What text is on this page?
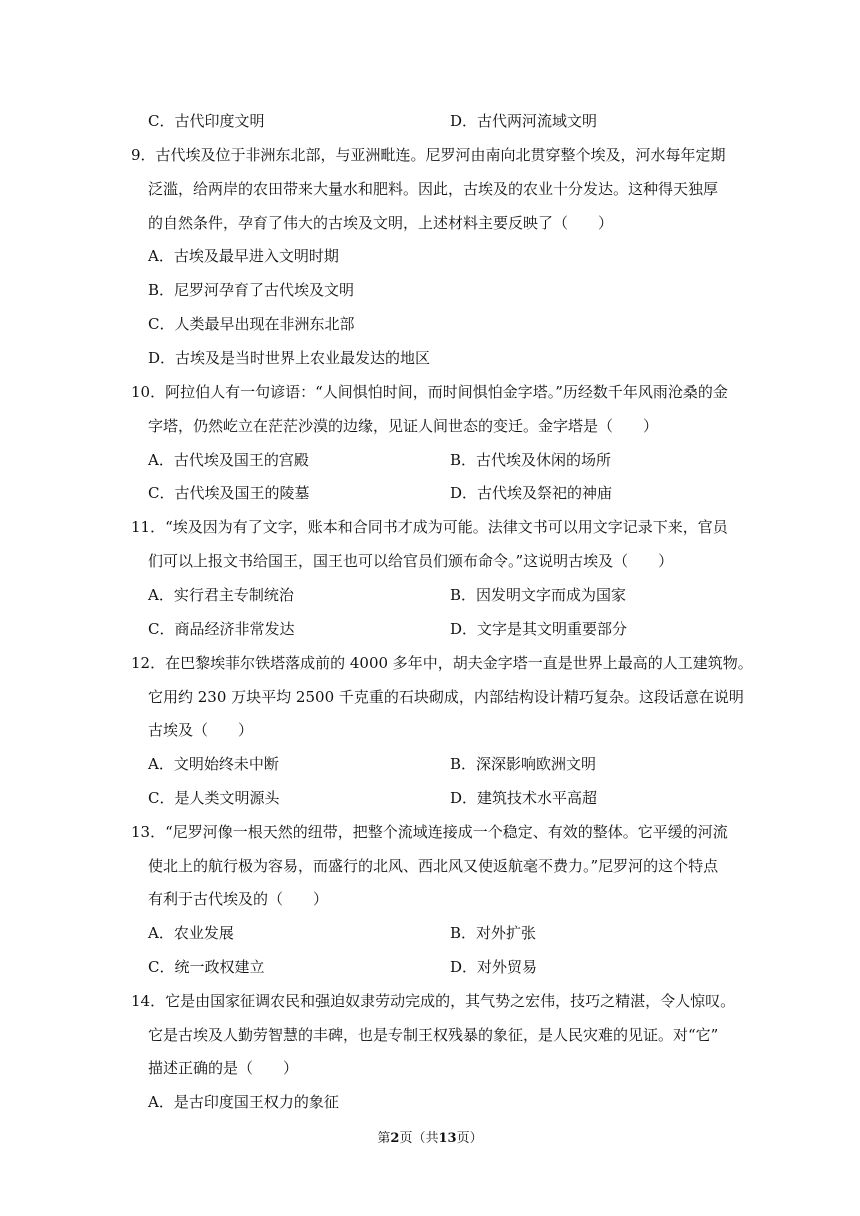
C．古代印度文明	D．古代两河流域文明
9．古代埃及位于非洲东北部，与亚洲毗连。尼罗河由南向北贯穿整个埃及，河水每年定期
泛滥，给两岸的农田带来大量水和肥料。因此，古埃及的农业十分发达。这种得天独厚
的自然条件，孕育了伟大的古埃及文明，上述材料主要反映了（　　）
A．古埃及最早进入文明时期
B．尼罗河孕育了古代埃及文明
C．人类最早出现在非洲东北部
D．古埃及是当时世界上农业最发达的地区
10．阿拉伯人有一句谚语：“人间惧怕时间，而时间惧怕金字塔。”历经数千年风雨沧桑的金
字塔，仍然屹立在茫茫沙漠的边缘，见证人间世态的变迁。金字塔是（　　）
A．古代埃及国王的宫殿	B．古代埃及休闲的场所
C．古代埃及国王的陵墓	D．古代埃及祭祀的神庙
11．“埃及因为有了文字，账本和合同书才成为可能。法律文书可以用文字记录下来，官员
们可以上报文书给国王，国王也可以给官员们颁布命令。”这说明古埃及（　　）
A．实行君主专制统治	B．因发明文字而成为国家
C．商品经济非常发达	D．文字是其文明重要部分
12．在巴黎埃菲尔铁塔落成前的 4000 多年中，胡夫金字塔一直是世界上最高的人工建筑物。
它用约 230 万块平均 2500 千克重的石块砌成，内部结构设计精巧复杂。这段话意在说明
古埃及（　　）
A．文明始终未中断	B．深深影响欧洲文明
C．是人类文明源头	D．建筑技术水平高超
13．“尼罗河像一根天然的纽带，把整个流域连接成一个稳定、有效的整体。它平缓的河流
使北上的航行极为容易，而盛行的北风、西北风又使返航毫不费力。”尼罗河的这个特点
有利于古代埃及的（　　）
A．农业发展	B．对外扩张
C．统一政权建立	D．对外贸易
14．它是由国家征调农民和强迫奴隶劳动完成的，其气势之宏伟，技巧之精湛，令人惊叹。
它是古埃及人勤劳智慧的丰碑，也是专制王权残暴的象征，是人民灾难的见证。对“它”
描述正确的是（　　）
A．是古印度国王权力的象征
第2页（共13页）
